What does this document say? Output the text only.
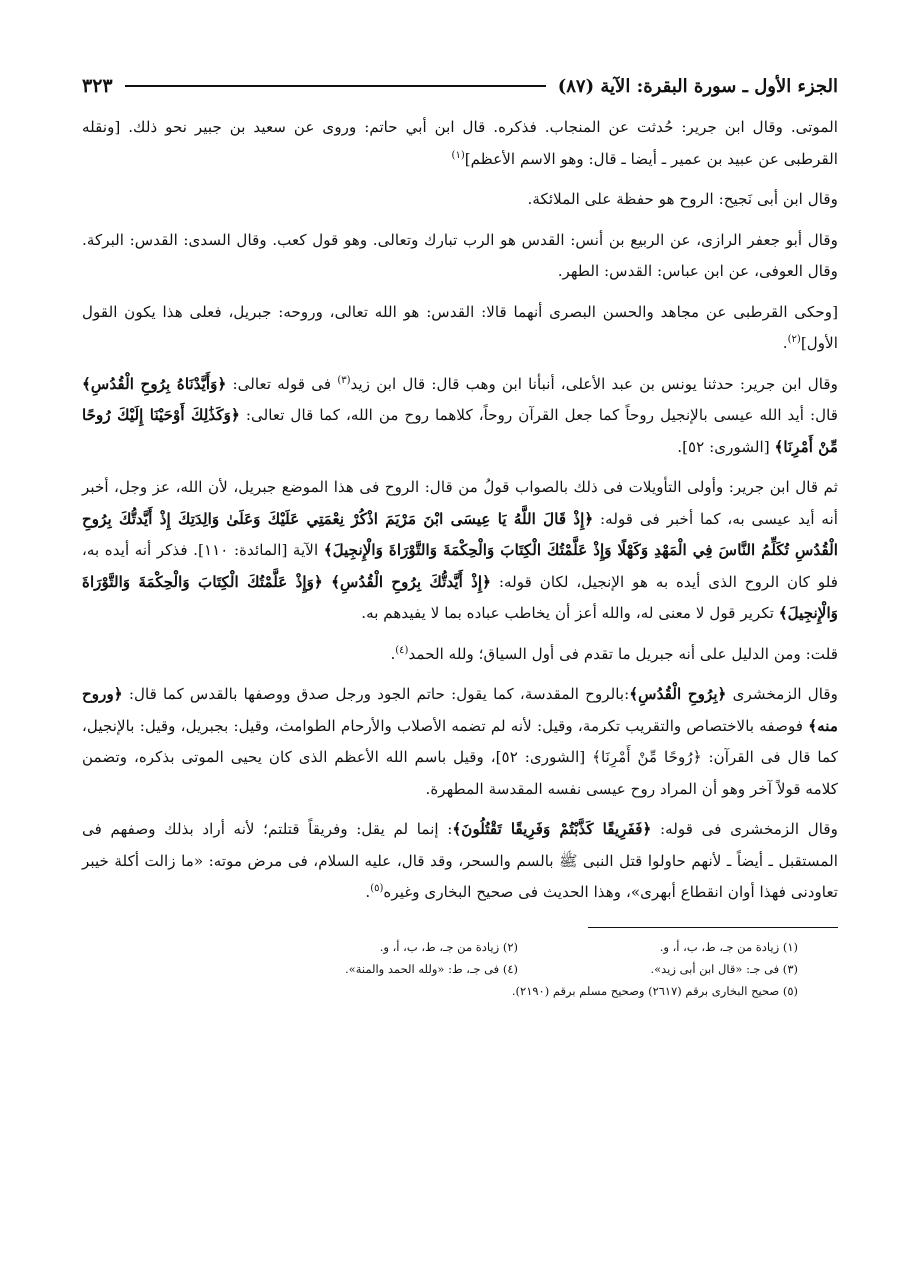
الجزء الأول ـ سورة البقرة: الآية (٨٧)
٣٢٣

الموتى. وقال ابن جرير: حُدثت عن المنجاب. فذكره. قال ابن أبي حاتم: وروى عن سعيد بن جبير نحو ذلك. [ونقله القرطبى عن عبيد بن عمير ـ أيضا ـ قال: وهو الاسم الأعظم]$^{(١)}$

وقال ابن أبى نَجيح: الروح هو حفظة على الملائكة.

وقال أبو جعفر الرازى، عن الربيع بن أنس: القدس هو الرب تبارك وتعالى. وهو قول كعب. وقال السدى: القدس: البركة. وقال العوفى، عن ابن عباس: القدس: الطهر.

[وحكى القرطبى عن مجاهد والحسن البصرى أنهما قالا: القدس: هو الله تعالى، وروحه: جبريل، فعلى هذا يكون القول الأول]$^{(٢)}$.

وقال ابن جرير: حدثنا يونس بن عبد الأعلى، أنبأنا ابن وهب قال: قال ابن زيد$^{(٣)}$ فى قوله تعالى: ﴿وَأَيَّدْنَاهُ بِرُوحِ الْقُدُسِ﴾ قال: أيد الله عيسى بالإنجيل روحاً كما جعل القرآن روحاً، كلاهما روح من الله، كما قال تعالى: ﴿وَكَذَٰلِكَ أَوْحَيْنَا إِلَيْكَ رُوحًا مِّنْ أَمْرِنَا﴾ [الشورى: ٥٢].

ثم قال ابن جرير: وأولى التأويلات فى ذلك بالصواب قولُ من قال: الروح فى هذا الموضع جبريل، لأن الله، عز وجل، أخبر أنه أيد عيسى به، كما أخبر فى قوله: ﴿إِذْ قَالَ اللَّهُ يَا عِيسَى ابْنَ مَرْيَمَ اذْكُرْ نِعْمَتِي عَلَيْكَ وَعَلَىٰ وَالِدَتِكَ إِذْ أَيَّدتُّكَ بِرُوحِ الْقُدُسِ تُكَلِّمُ النَّاسَ فِي الْمَهْدِ وَكَهْلًا وَإِذْ عَلَّمْتُكَ الْكِتَابَ وَالْحِكْمَةَ وَالتَّوْرَاةَ وَالْإِنجِيلَ﴾ الآية [المائدة: ١١٠]. فذكر أنه أيده به، فلو كان الروح الذى أيده به هو الإنجيل، لكان قوله: ﴿إِذْ أَيَّدتُّكَ بِرُوحِ الْقُدُسِ﴾ ﴿وَإِذْ عَلَّمْتُكَ الْكِتَابَ وَالْحِكْمَةَ وَالتَّوْرَاةَ وَالْإِنجِيلَ﴾ تكرير قول لا معنى له، والله أعز أن يخاطب عباده بما لا يفيدهم به.

قلت: ومن الدليل على أنه جبريل ما تقدم فى أول السياق؛ ولله الحمد$^{(٤)}$.

وقال الزمخشرى ﴿بِرُوحِ الْقُدُسِ﴾:بالروح المقدسة، كما يقول: حاتم الجود ورجل صدق ووصفها بالقدس كما قال: ﴿وروح منه﴾ فوصفه بالاختصاص والتقريب تكرمة، وقيل: لأنه لم تضمه الأصلاب والأرحام الطوامث، وقيل: بجبريل، وقيل: بالإنجيل، كما قال فى القرآن: ﴿رُوحًا مِّنْ أَمْرِنَا﴾ [الشورى: ٥٢]، وقيل باسم الله الأعظم الذى كان يحيى الموتى بذكره، وتضمن كلامه قولاً آخر وهو أن المراد روح عيسى نفسه المقدسة المطهرة.

وقال الزمخشرى فى قوله: ﴿فَفَرِيقًا كَذَّبْتُمْ وَفَرِيقًا تَقْتُلُونَ﴾: إنما لم يقل: وفريقاً قتلتم؛ لأنه أراد بذلك وصفهم فى المستقبل ـ أيضاً ـ لأنهم حاولوا قتل النبى ﷺ بالسم والسحر، وقد قال، عليه السلام، فى مرض موته: «ما زالت أكلة خيبر تعاودنى فهذا أوان انقطاع أبهرى»، وهذا الحديث فى صحيح البخارى وغيره$^{(٥)}$.

(١) زيادة من جـ، ط، ب، أ، و.
(٢) زيادة من جـ، ط، ب، أ، و.
(٣) فى جـ: «قال ابن أبى زيد».
(٤) فى جـ، ط: «ولله الحمد والمنة».
(٥) صحيح البخارى برقم (٢٦١٧) وصحيح مسلم برقم (٢١٩٠).
